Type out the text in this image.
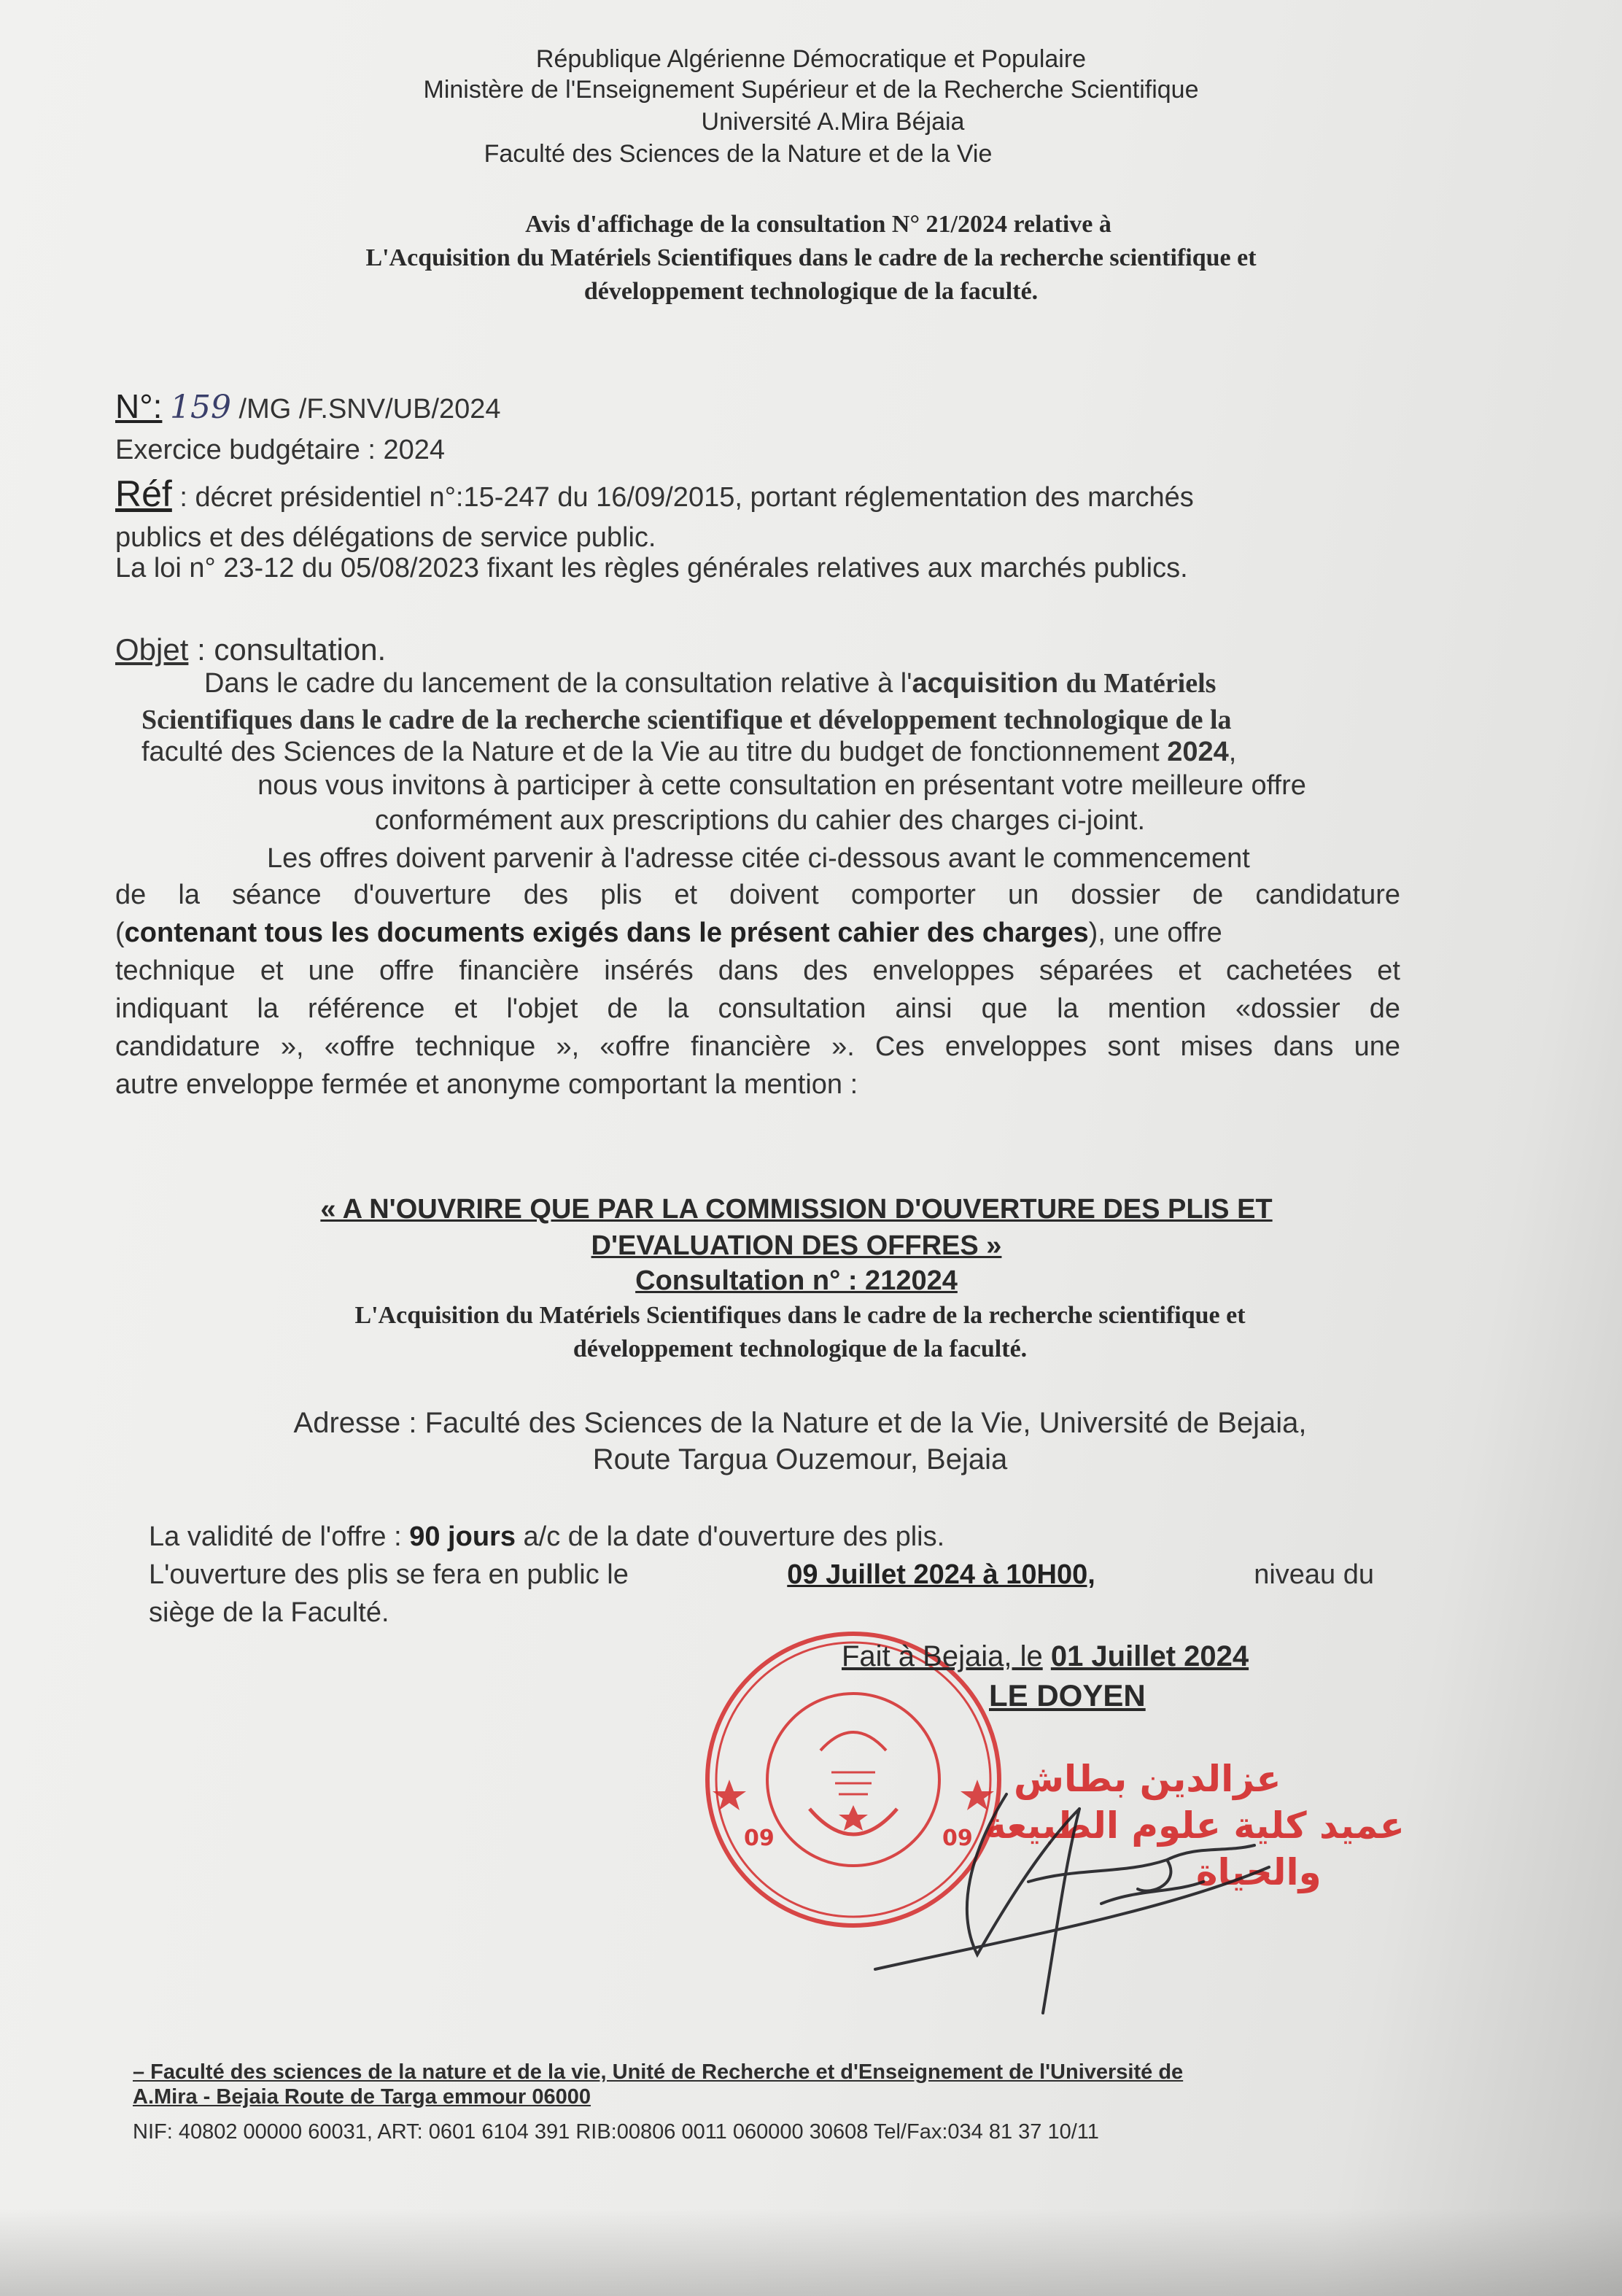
République Algérienne Démocratique et Populaire
Ministère de l'Enseignement Supérieur et de la Recherche Scientifique
Université A.Mira Béjaia
Faculté des Sciences de la Nature et de la Vie
Avis d'affichage de la consultation N° 21/2024 relative à
L'Acquisition du Matériels Scientifiques dans le cadre de la recherche scientifique et
développement technologique de la faculté.
N°: 159 /MG /F.SNV/UB/2024
Exercice budgétaire : 2024
Réf : décret présidentiel n°:15-247 du 16/09/2015, portant réglementation des marchés
publics et des délégations de service public.
La loi n° 23-12 du 05/08/2023 fixant les règles générales relatives aux marchés publics.
Objet : consultation.
Dans le cadre du lancement de la consultation relative à l'acquisition du Matériels
Scientifiques dans le cadre de la recherche scientifique et développement technologique de la
faculté des Sciences de la Nature et de la Vie au titre du budget de fonctionnement 2024,
nous vous invitons à participer à cette consultation en présentant votre meilleure offre
conformément aux prescriptions du cahier des charges ci-joint.
Les offres doivent parvenir à l'adresse citée ci-dessous avant le commencement
de la séance d'ouverture des plis et doivent comporter un dossier de candidature
(contenant tous les documents exigés dans le présent cahier des charges), une offre
technique et une offre financière insérés dans des enveloppes séparées et cachetées et
indiquant la référence et l'objet de la consultation ainsi que la mention «dossier de
candidature », «offre technique », «offre financière ». Ces enveloppes sont mises dans une
autre enveloppe fermée et anonyme comportant la mention :
« A N'OUVRIRE QUE PAR LA COMMISSION D'OUVERTURE DES PLIS ET
D'EVALUATION DES OFFRES »
Consultation n° : 212024
L'Acquisition du Matériels Scientifiques dans le cadre de la recherche scientifique et
développement technologique de la faculté.
Adresse : Faculté des Sciences de la Nature et de la Vie, Université de Bejaia,
Route Targua Ouzemour, Bejaia
La validité de l'offre : 90 jours a/c de la date d'ouverture des plis.
L'ouverture des plis se fera en public le	09 Juillet 2024 à 10H00,	niveau du
siège de la Faculté.
09	09
عزالدين بطاش
عميد كلية علوم الطبيعة
والحياة
Fait à Bejaia, le 01 Juillet 2024
LE DOYEN
– Faculté des sciences de la nature et de la vie, Unité de Recherche et d'Enseignement de l'Université de
A.Mira - Bejaia Route de Targa emmour 06000
NIF: 40802 00000 60031, ART: 0601 6104 391 RIB:00806 0011 060000 30608 Tel/Fax:034 81 37 10/11
